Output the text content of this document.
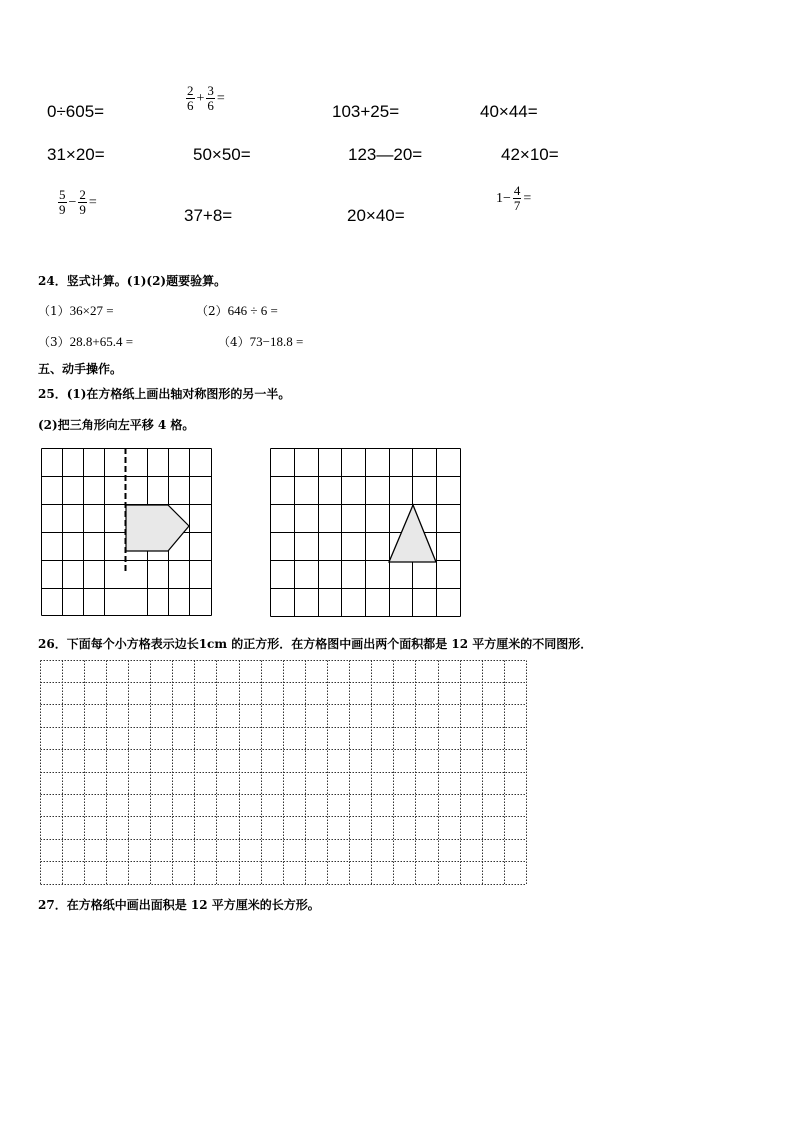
0÷605=	$\frac{2}{6} + \frac{3}{6}$ =
103+25=	40×44=
31×20=	50×50=	123—20=	42×10=
$\frac{5}{9} - \frac{2}{9}$ =
37+8=	20×40=
$1- \frac{4}{7}$ =
24．竖式计算。(1)(2)题要验算。
（1）36×27 =	（2）646 ÷ 6 =
（3）28.8+65.4 =	（4）73−18.8 =
五、动手操作。
25．(1)在方格纸上画出轴对称图形的另一半。
(2)把三角形向左平移 4 格。
26．下面每个小方格表示边长1cm 的正方形．在方格图中画出两个面积都是 12 平方厘米的不同图形．
27．在方格纸中画出面积是 12 平方厘米的长方形。
